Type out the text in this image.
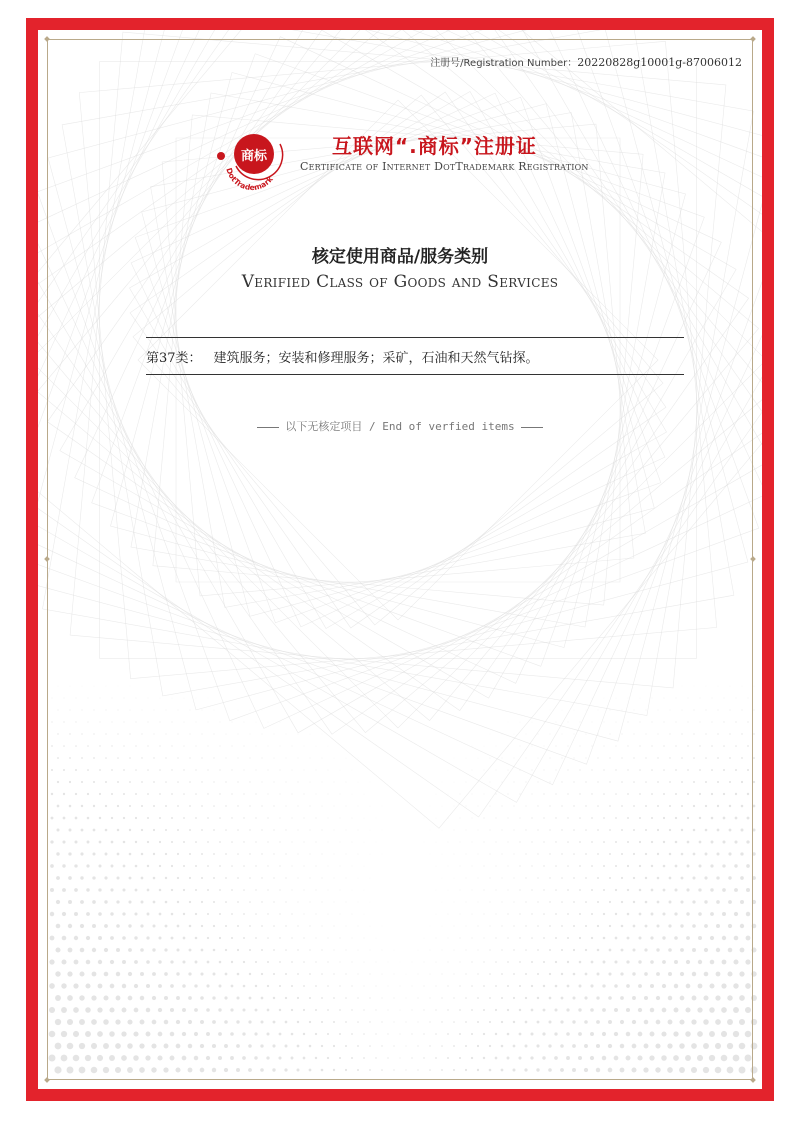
注册号/Registration Number：20220828g10001g-87006012
商标
DotTrademark
互联网“.商标”注册证
Certificate of Internet DotTrademark Registration
核定使用商品/服务类别
Verified Class of Goods and Services
第37类： 建筑服务；安装和修理服务；采矿，石油和天然气钻探。
以下无核定项目 / End of verfied items
